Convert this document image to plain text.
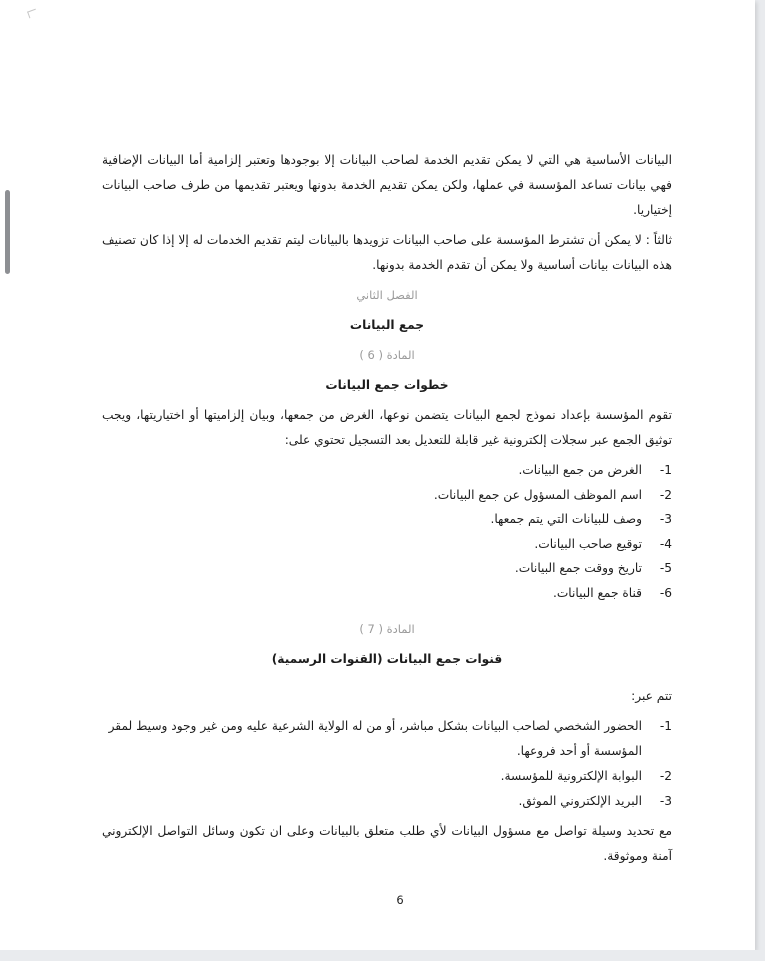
البيانات الأساسية هي التي لا يمكن تقديم الخدمة لصاحب البيانات إلا بوجودها وتعتبر إلزامية أما البيانات الإضافية فهي بيانات تساعد المؤسسة في عملها، ولكن يمكن تقديم الخدمة بدونها ويعتبر تقديمها من طرف صاحب البيانات إختياريا.

ثالثاً : لا يمكن أن تشترط المؤسسة على صاحب البيانات تزويدها بالبيانات ليتم تقديم الخدمات له إلا إذا كان تصنيف هذه البيانات بيانات أساسية ولا يمكن أن تقدم الخدمة بدونها.

الفصل الثاني

جمع البيانات

المادة ( 6 )

خطوات جمع البيانات

تقوم المؤسسة بإعداد نموذج لجمع البيانات يتضمن نوعها، الغرض من جمعها، وبيان إلزاميتها أو اختياريتها، ويجب توثيق الجمع عبر سجلات إلكترونية غير قابلة للتعديل بعد التسجيل تحتوي على:

1-
الغرض من جمع البيانات.
2-
اسم الموظف المسؤول عن جمع البيانات.
3-
وصف للبيانات التي يتم جمعها.
4-
توقيع صاحب البيانات.
5-
تاريخ ووقت جمع البيانات.
6-
قناة جمع البيانات.

المادة ( 7 )

قنوات جمع البيانات (القنوات الرسمية)

تتم عبر:

1-
الحضور الشخصي لصاحب البيانات بشكل مباشر، أو من له الولاية الشرعية عليه ومن غير وجود وسيط لمقر المؤسسة أو أحد فروعها.
2-
البوابة الإلكترونية للمؤسسة.
3-
البريد الإلكتروني الموثق.

مع تحديد وسيلة تواصل مع مسؤول البيانات لأي طلب متعلق بالبيانات وعلى ان تكون وسائل التواصل الإلكتروني آمنة وموثوقة.

6
